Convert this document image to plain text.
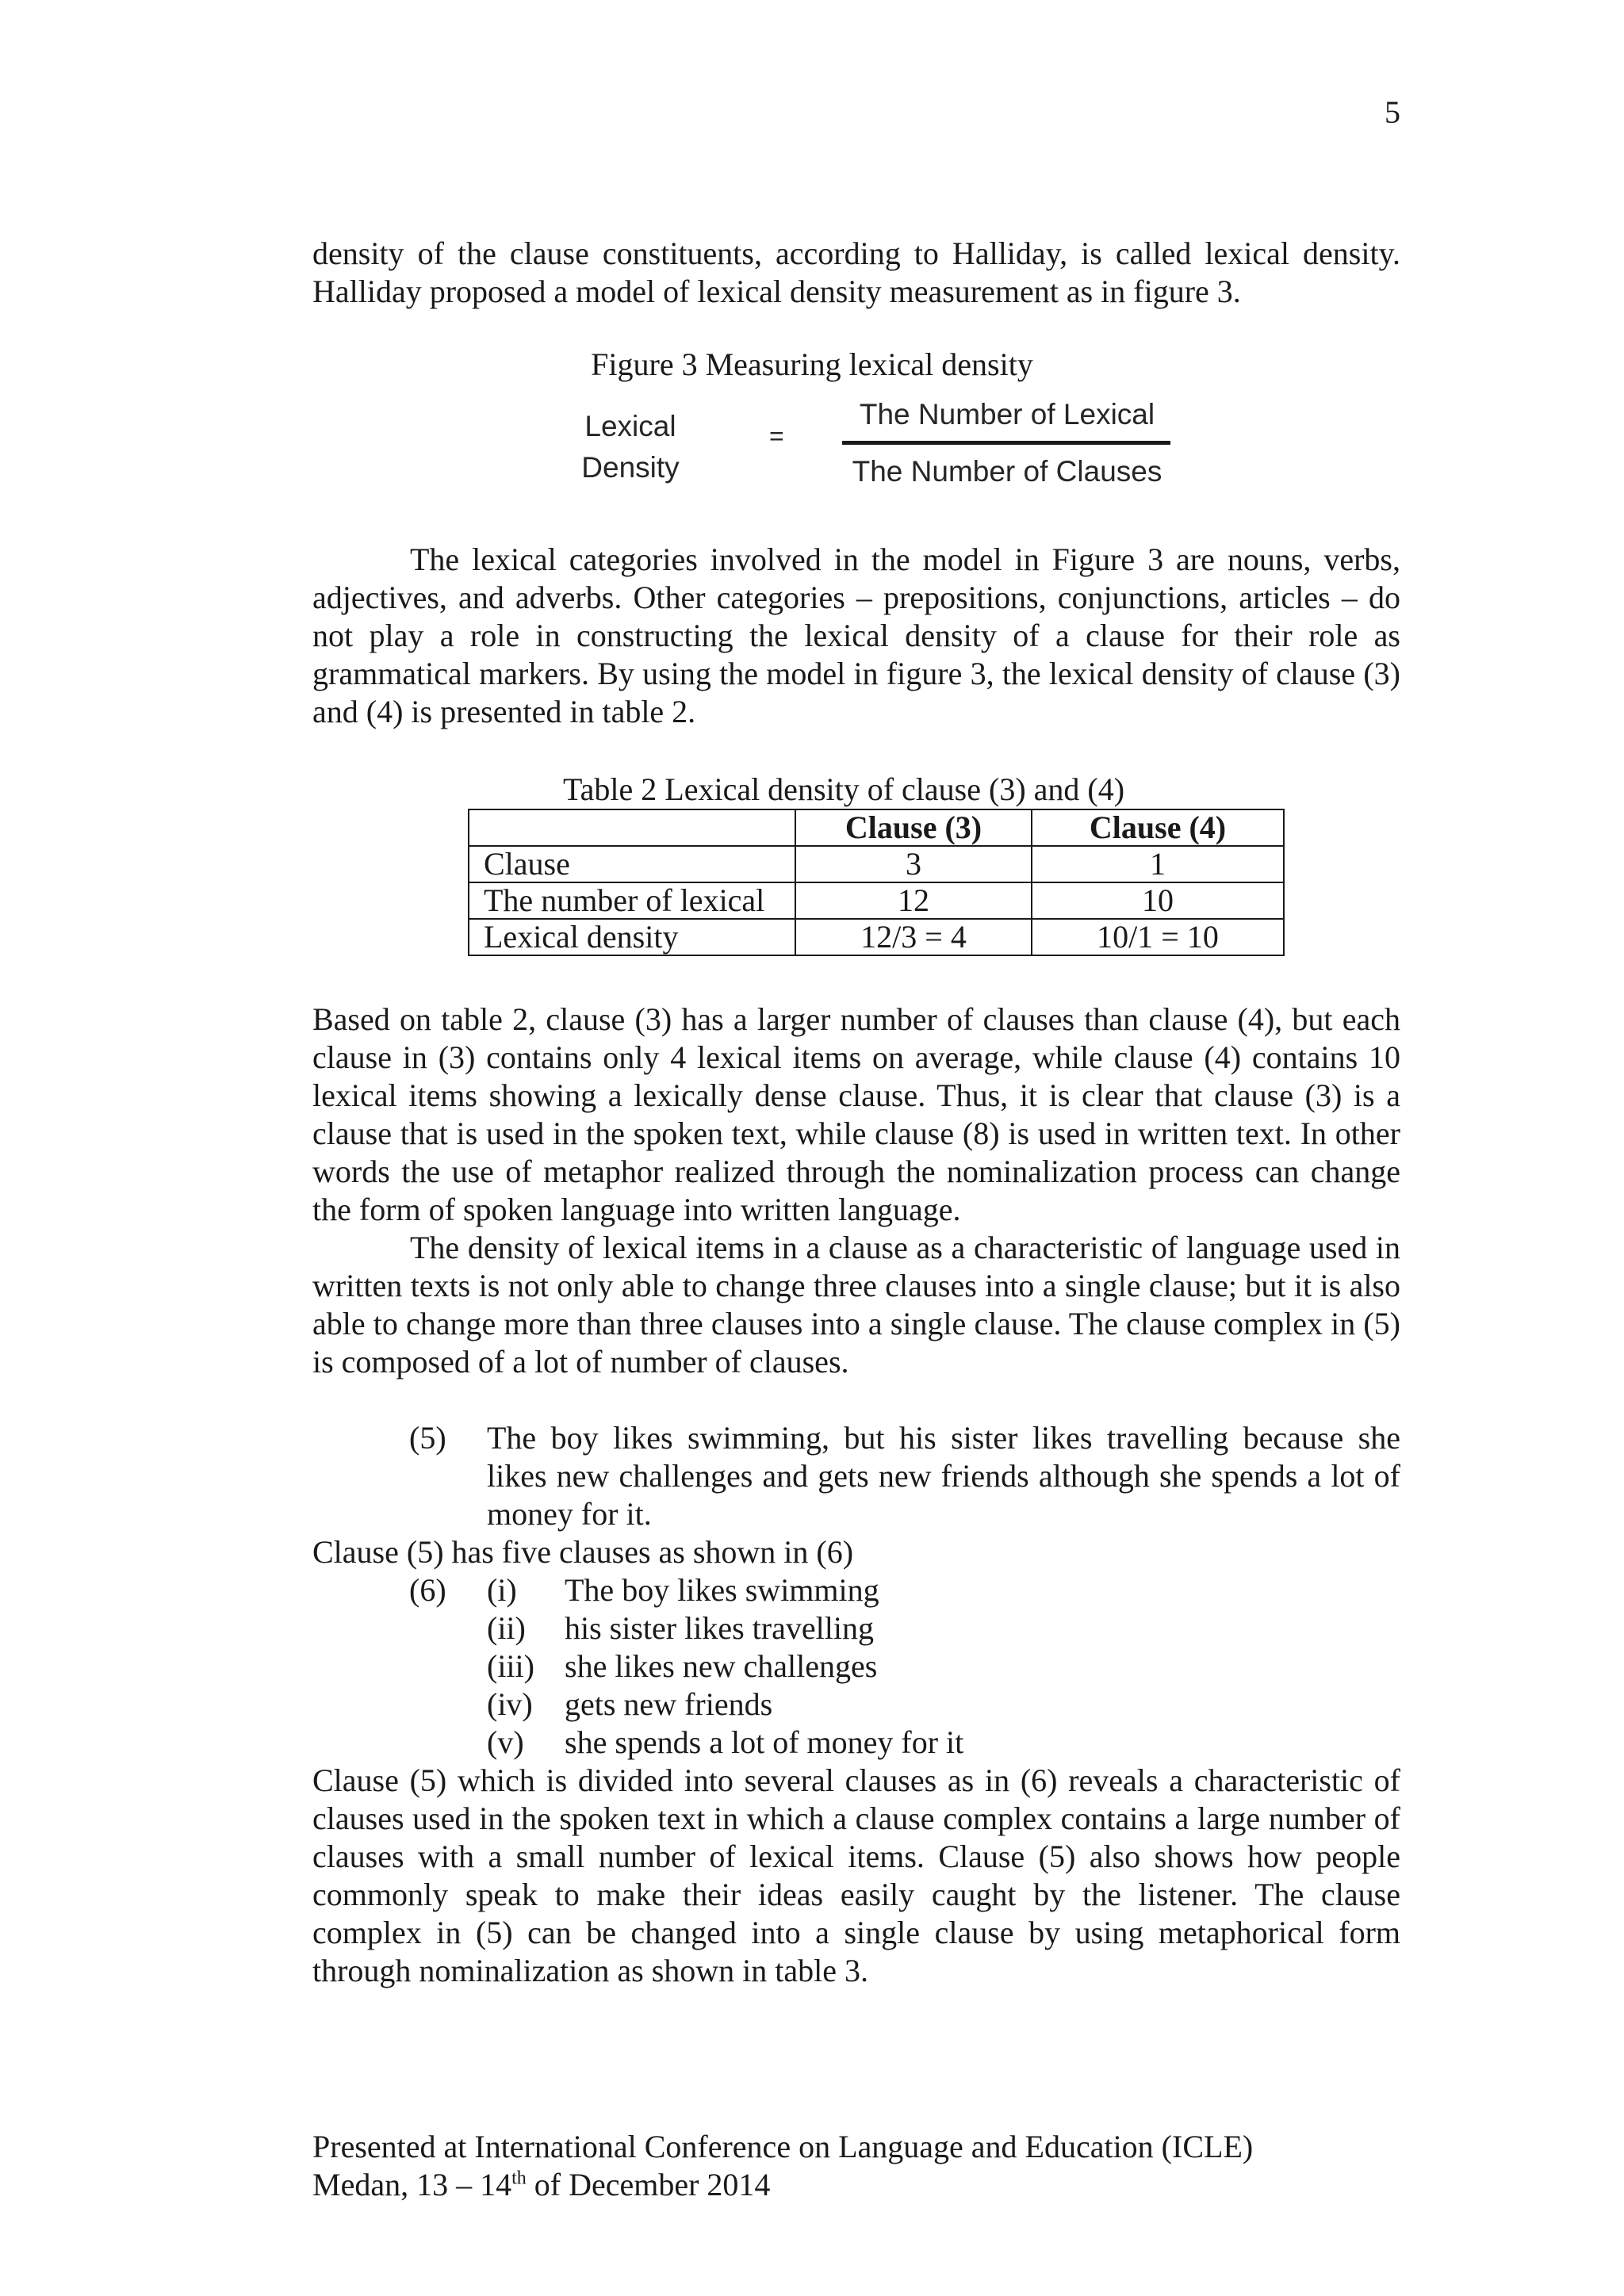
5

density of the clause constituents, according to Halliday, is called lexical density. Halliday proposed a model of lexical density measurement as in figure 3.

Figure 3 Measuring lexical density
Lexical
Density
=
The Number of Lexical
The Number of Clauses

The lexical categories involved in the model in Figure 3 are nouns, verbs, adjectives, and adverbs. Other categories – prepositions, conjunctions, articles – do not play a role in constructing the lexical density of a clause for their role as grammatical markers. By using the model in figure 3, the lexical density of clause (3) and (4) is presented in table 2.

Table 2 Lexical density of clause (3) and (4)
	Clause (3)	Clause (4)
Clause	3	1
The number of lexical	12	10
Lexical density	12/3 = 4	10/1 = 10

Based on table 2, clause (3) has a larger number of clauses than clause (4), but each clause in (3) contains only 4 lexical items on average, while clause (4) contains 10 lexical items showing a lexically dense clause. Thus, it is clear that clause (3) is a clause that is used in the spoken text, while clause (8) is used in written text. In other words the use of metaphor realized through the nominalization process can change the form of spoken language into written language.

The density of lexical items in a clause as a characteristic of language used in written texts is not only able to change three clauses into a single clause; but it is also able to change more than three clauses into a single clause. The clause complex in (5) is composed of a lot of number of clauses.

(5) The boy likes swimming, but his sister likes travelling because she likes new challenges and gets new friends although she spends a lot of money for it.
Clause (5) has five clauses as shown in (6)
(6) (i) The boy likes swimming
(ii) his sister likes travelling
(iii) she likes new challenges
(iv) gets new friends
(v) she spends a lot of money for it

Clause (5) which is divided into several clauses as in (6) reveals a characteristic of clauses used in the spoken text in which a clause complex contains a large number of clauses with a small number of lexical items. Clause (5) also shows how people commonly speak to make their ideas easily caught by the listener. The clause complex in (5) can be changed into a single clause by using metaphorical form through nominalization as shown in table 3.

Presented at International Conference on Language and Education (ICLE)
Medan, 13 – 14th of December 2014
